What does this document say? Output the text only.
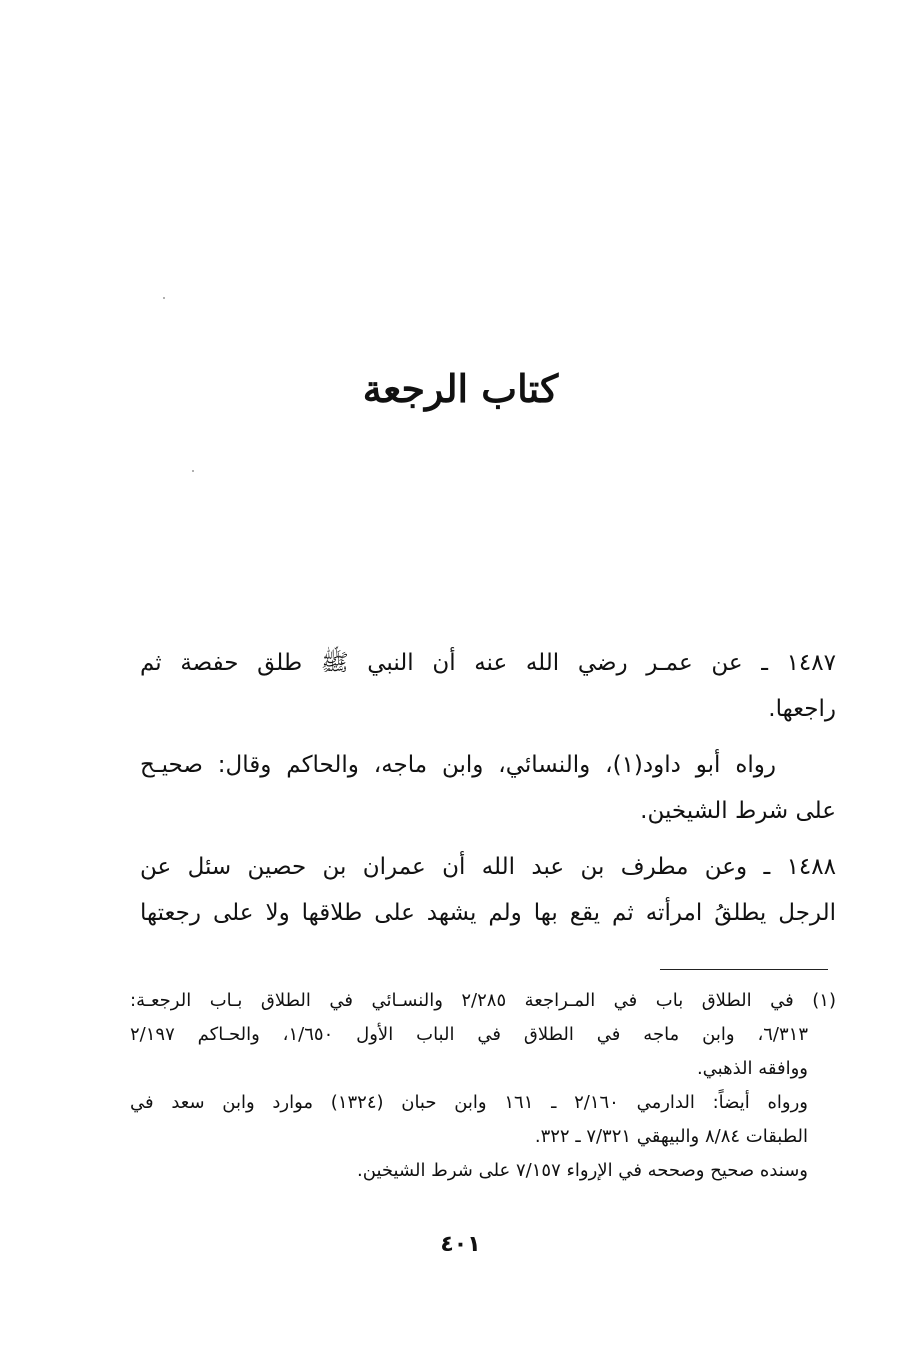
كتاب الرجعة
١٤٨٧ ـ عن عمـر رضي الله عنه أن النبي ﷺ طلق حفصة ثم
راجعها.
رواه أبو داود(١)، والنسائي، وابن ماجه، والحاكم وقال: صحيـح
على شرط الشيخين.
١٤٨٨ ـ وعن مطرف بن عبد الله أن عمران بن حصين سئل عن
الرجل يطلقُ امرأته ثم يقع بها ولم يشهد على طلاقها ولا على رجعتها

(١) في الطلاق باب في المـراجعة ٢/٢٨٥ والنسـائي في الطلاق بـاب الرجعـة:

٦/٣١٣، وابن ماجه في الطلاق في الباب الأول ١/٦٥٠، والحـاكم ٢/١٩٧

ووافقه الذهبي.

ورواه أيضاً: الدارمي ٢/١٦٠ ـ ١٦١ وابن حبان (١٣٢٤) موارد وابن سعد في

الطبقات ٨/٨٤ والبيهقي ٧/٣٢١ ـ ٣٢٢.

وسنده صحيح وصححه في الإرواء ٧/١٥٧ على شرط الشيخين.

٤٠١
